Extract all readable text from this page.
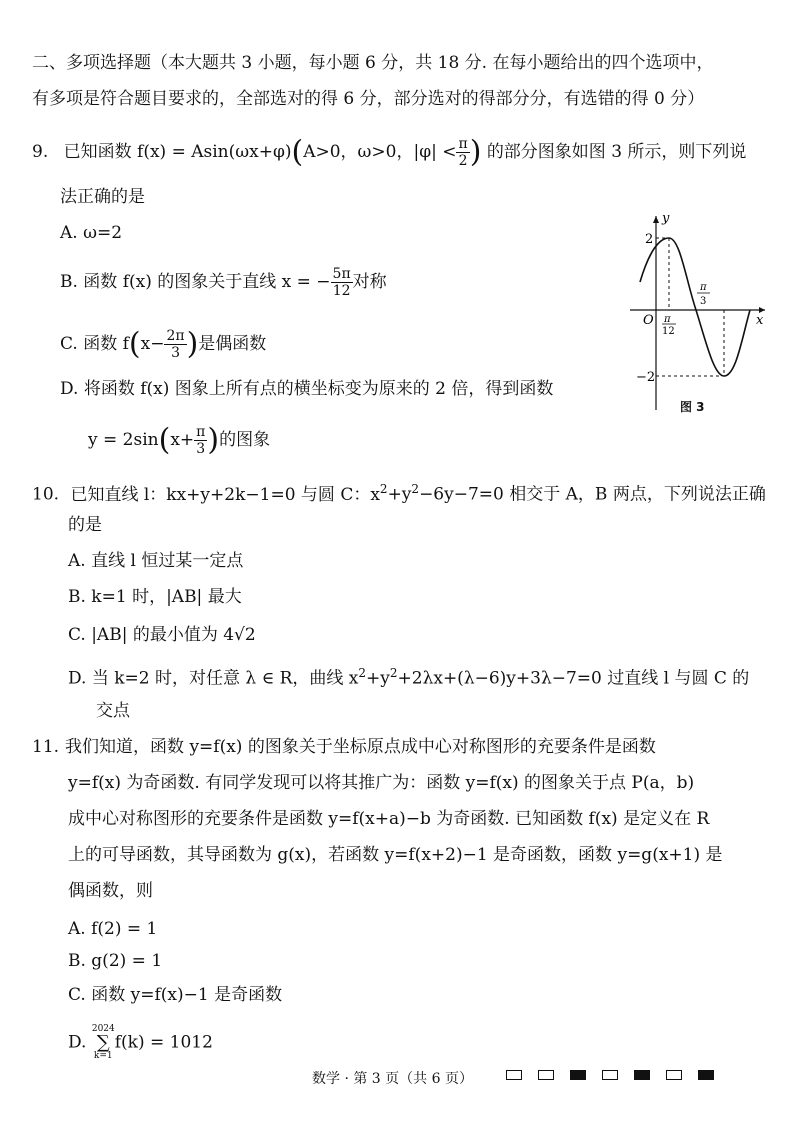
二、多项选择题（本大题共 3 小题，每小题 6 分，共 18 分. 在每小题给出的四个选项中，
有多项是符合题目要求的，全部选对的得 6 分，部分选对的得部分分，有选错的得 0 分）
9. 已知函数 f(x) = Asin(ωx+φ)(A>0，ω>0，$|\varphi| < \frac{\pi}{2}$ ) 的部分图象如图 3 所示，则下列说
法正确的是
A. ω=2
B. 函数 f(x) 的图象关于直线 x = − $\frac{5\pi}{12}$ 对称
C. 函数 $f(x- \frac{2\pi}{3}$ )是偶函数
D. 将函数 f(x) 图象上所有点的横坐标变为原来的 2 倍，得到函数
$y = 2\sin(x+ \frac{\pi}{3}$ )的图象
y
x
O
2
−2
π
12
π
3
图 3
10. 已知直线 l：kx+y+2k−1=0 与圆 C：$x^2+y^2-6y-7=0$ 相交于 A，B 两点，下列说法正确
的是
A. 直线 l 恒过某一定点
B. k=1 时，|AB| 最大
C. |AB| 的最小值为 4√2
D. 当 k=2 时，对任意 λ ∈ R，曲线 $x^2+y^2+2\lambda x+(\lambda-6)y+3\lambda-7=0$ 过直线 l 与圆 C 的
交点
11. 我们知道，函数 y=f(x) 的图象关于坐标原点成中心对称图形的充要条件是函数
y=f(x) 为奇函数. 有同学发现可以将其推广为：函数 y=f(x) 的图象关于点 P(a，b)
成中心对称图形的充要条件是函数 y=f(x+a)−b 为奇函数. 已知函数 f(x) 是定义在 R
上的可导函数，其导函数为 g(x)，若函数 y=f(x+2)−1 是奇函数，函数 y=g(x+1) 是
偶函数，则
A. f(2) = 1
B. g(2) = 1
C. 函数 y=f(x)−1 是奇函数
D.
2024
∑
k=1
f(k) = 1012
数学 · 第 3 页（共 6 页）
